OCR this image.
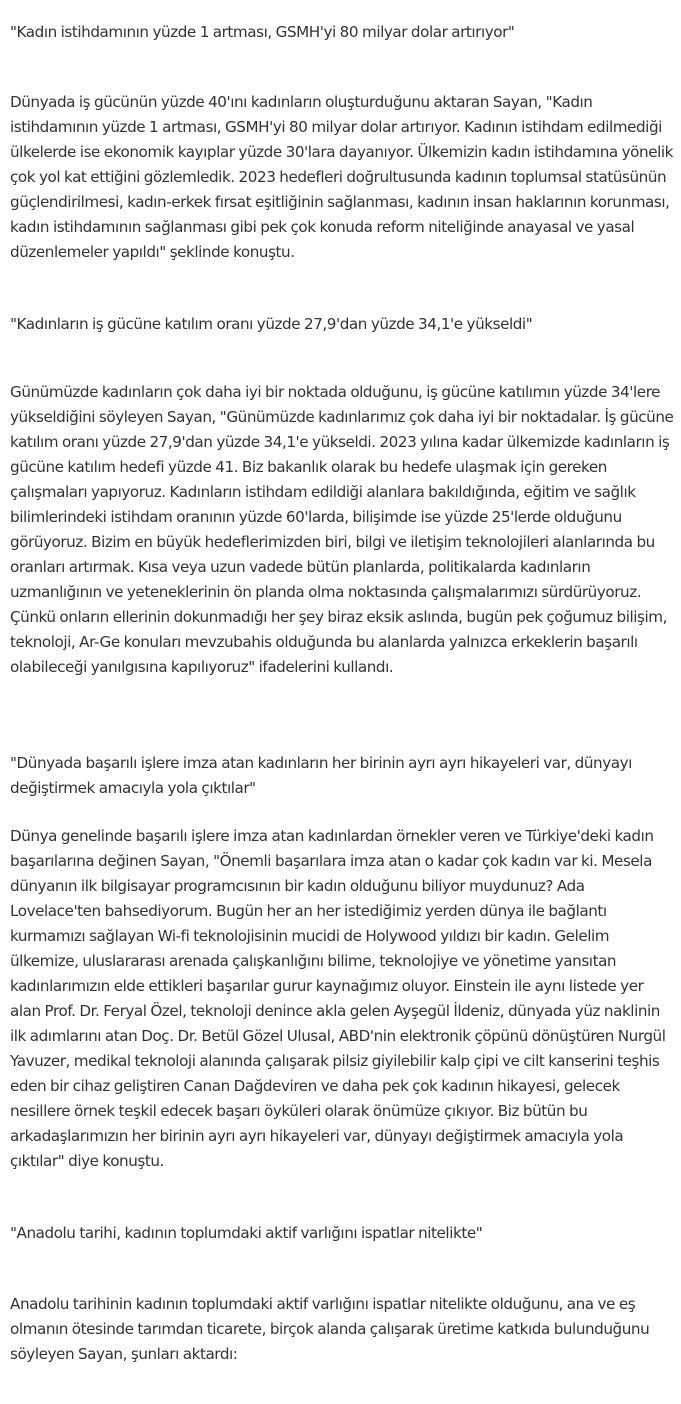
"Kadın istihdamının yüzde 1 artması, GSMH'yi 80 milyar dolar artırıyor"

Dünyada iş gücünün yüzde 40'ını kadınların oluşturduğunu aktaran Sayan, "Kadın istihdamının yüzde 1 artması, GSMH'yi 80 milyar dolar artırıyor. Kadının istihdam edilmediği ülkelerde ise ekonomik kayıplar yüzde 30'lara dayanıyor. Ülkemizin kadın istihdamına yönelik çok yol kat ettiğini gözlemledik. 2023 hedefleri doğrultusunda kadının toplumsal statüsünün güçlendirilmesi, kadın-erkek fırsat eşitliğinin sağlanması, kadının insan haklarının korunması, kadın istihdamının sağlanması gibi pek çok konuda reform niteliğinde anayasal ve yasal düzenlemeler yapıldı" şeklinde konuştu.

"Kadınların iş gücüne katılım oranı yüzde 27,9'dan yüzde 34,1'e yükseldi"

Günümüzde kadınların çok daha iyi bir noktada olduğunu, iş gücüne katılımın yüzde 34'lere yükseldiğini söyleyen Sayan, "Günümüzde kadınlarımız çok daha iyi bir noktadalar. İş gücüne katılım oranı yüzde 27,9'dan yüzde 34,1'e yükseldi. 2023 yılına kadar ülkemizde kadınların iş gücüne katılım hedefi yüzde 41. Biz bakanlık olarak bu hedefe ulaşmak için gereken çalışmaları yapıyoruz. Kadınların istihdam edildiği alanlara bakıldığında, eğitim ve sağlık bilimlerindeki istihdam oranının yüzde 60'larda, bilişimde ise yüzde 25'lerde olduğunu görüyoruz. Bizim en büyük hedeflerimizden biri, bilgi ve iletişim teknolojileri alanlarında bu oranları artırmak. Kısa veya uzun vadede bütün planlarda, politikalarda kadınların uzmanlığının ve yeteneklerinin ön planda olma noktasında çalışmalarımızı sürdürüyoruz. Çünkü onların ellerinin dokunmadığı her şey biraz eksik aslında, bugün pek çoğumuz bilişim, teknoloji, Ar-Ge konuları mevzubahis olduğunda bu alanlarda yalnızca erkeklerin başarılı olabileceği yanılgısına kapılıyoruz" ifadelerini kullandı.

"Dünyada başarılı işlere imza atan kadınların her birinin ayrı ayrı hikayeleri var, dünyayı değiştirmek amacıyla yola çıktılar"

Dünya genelinde başarılı işlere imza atan kadınlardan örnekler veren ve Türkiye'deki kadın başarılarına değinen Sayan, "Önemli başarılara imza atan o kadar çok kadın var ki. Mesela dünyanın ilk bilgisayar programcısının bir kadın olduğunu biliyor muydunuz? Ada Lovelace'ten bahsediyorum. Bugün her an her istediğimiz yerden dünya ile bağlantı kurmamızı sağlayan Wi-fi teknolojisinin mucidi de Holywood yıldızı bir kadın. Gelelim ülkemize, uluslararası arenada çalışkanlığını bilime, teknolojiye ve yönetime yansıtan kadınlarımızın elde ettikleri başarılar gurur kaynağımız oluyor. Einstein ile aynı listede yer alan Prof. Dr. Feryal Özel, teknoloji denince akla gelen Ayşegül İldeniz, dünyada yüz naklinin ilk adımlarını atan Doç. Dr. Betül Gözel Ulusal, ABD'nin elektronik çöpünü dönüştüren Nurgül Yavuzer, medikal teknoloji alanında çalışarak pilsiz giyilebilir kalp çipi ve cilt kanserini teşhis eden bir cihaz geliştiren Canan Dağdeviren ve daha pek çok kadının hikayesi, gelecek nesillere örnek teşkil edecek başarı öyküleri olarak önümüze çıkıyor. Biz bütün bu arkadaşlarımızın her birinin ayrı ayrı hikayeleri var, dünyayı değiştirmek amacıyla yola çıktılar" diye konuştu.

"Anadolu tarihi, kadının toplumdaki aktif varlığını ispatlar nitelikte"

Anadolu tarihinin kadının toplumdaki aktif varlığını ispatlar nitelikte olduğunu, ana ve eş olmanın ötesinde tarımdan ticarete, birçok alanda çalışarak üretime katkıda bulunduğunu söyleyen Sayan, şunları aktardı:
